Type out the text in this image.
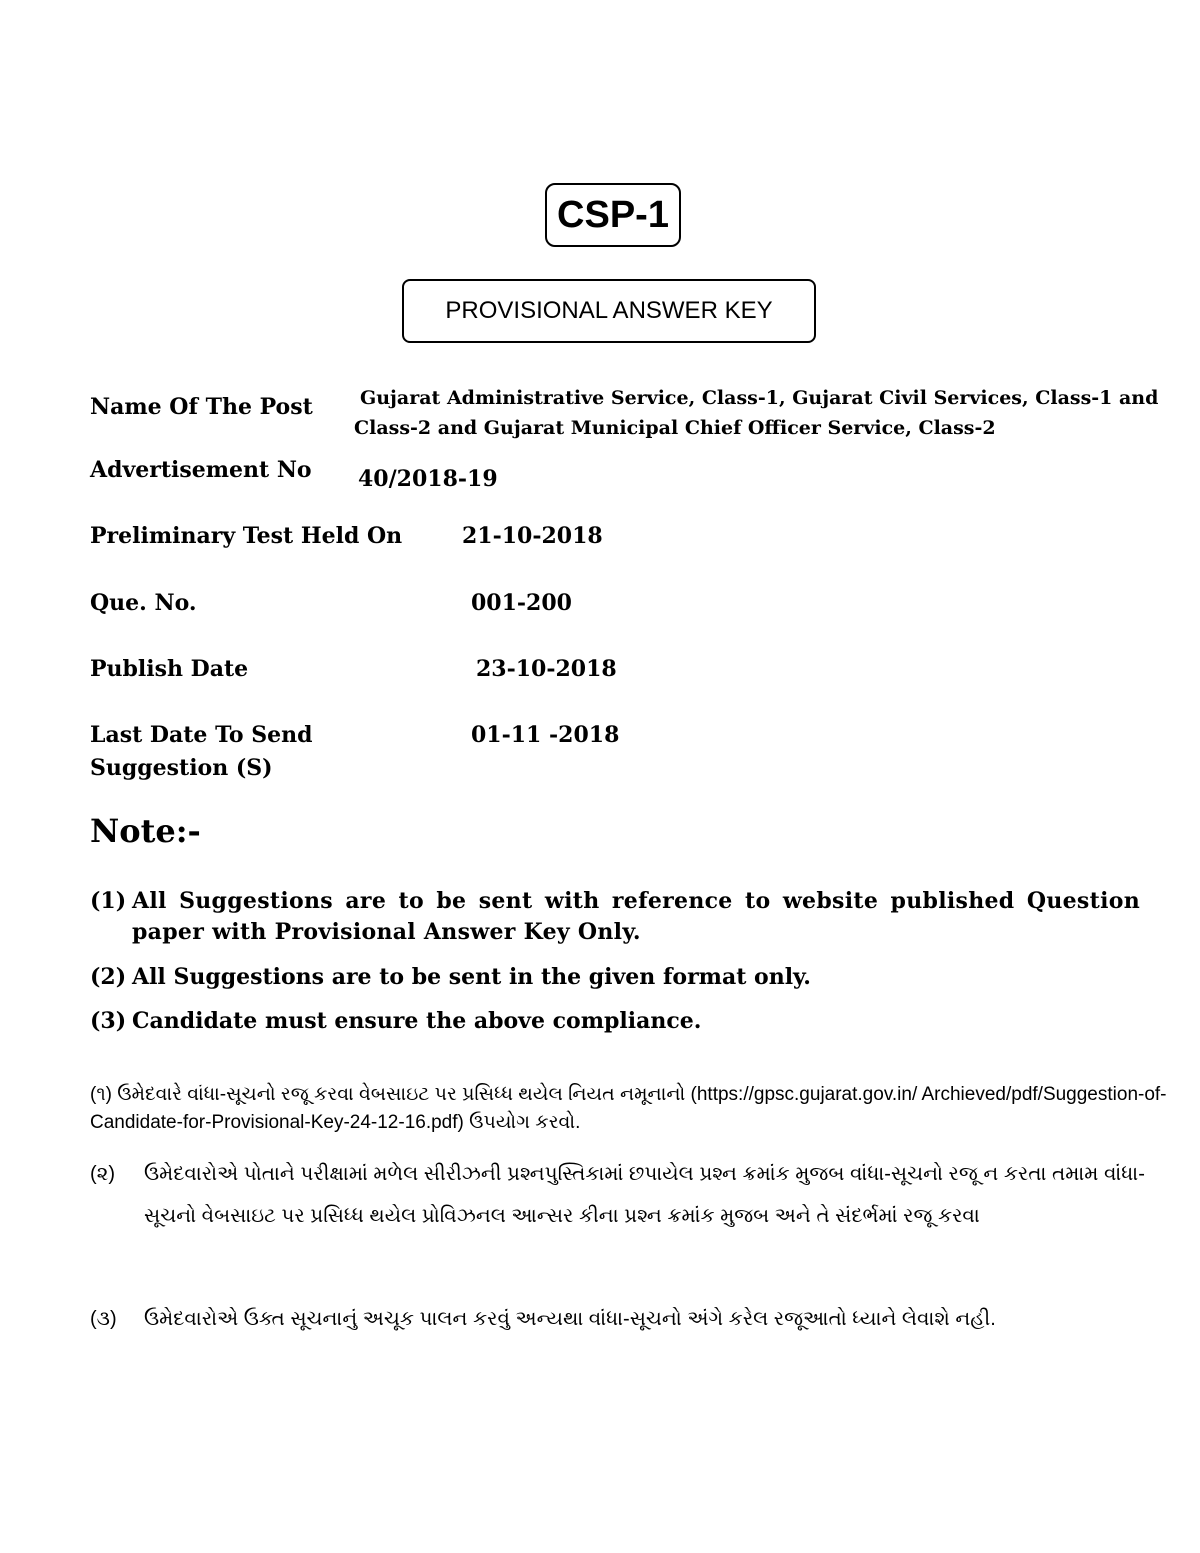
CSP-1
PROVISIONAL ANSWER KEY
Name Of The Post	Gujarat Administrative Service, Class-1, Gujarat Civil Services, Class-1 and
Class-2 and Gujarat Municipal Chief Officer Service, Class-2
Advertisement No 40/2018-19
Preliminary Test Held On	21-10-2018
Que. No.	001-200
Publish Date	23-10-2018
Last Date To Send
Suggestion (S)
01-11 -2018
Note:-
(1) All Suggestions are to be sent with reference to website published Question paper with Provisional Answer Key Only.
(2) All Suggestions are to be sent in the given format only.
(3) Candidate must ensure the above compliance.
(૧) ઉમેદવારે વાંધા-સૂચનો રજૂ કરવા વેબસાઇટ પર પ્રસિધ્ધ થયેલ નિયત નમૂનાનો (https://gpsc.gujarat.gov.in/ Archieved/pdf/Suggestion-of-Candidate-for-Provisional-Key-24-12-16.pdf) ઉપયોગ કરવો.
(૨)	ઉમેદવારોએ પોતાને પરીક્ષામાં મળેલ સીરીઝની પ્રશ્નપુસ્તિકામાં છપાયેલ પ્રશ્ન ક્રમાંક મુજબ વાંધા-સૂચનો રજૂ ન કરતા તમામ વાંધા-સૂચનો વેબસાઇટ પર પ્રસિધ્ધ થયેલ પ્રોવિઝનલ આન્સર કીના પ્રશ્ન ક્રમાંક મુજબ અને તે સંદર્ભમાં રજૂ કરવા
(૩)	ઉમેદવારોએ ઉક્ત સૂચનાનું અચૂક પાલન કરવું અન્યથા વાંધા-સૂચનો અંગે કરેલ રજૂઆતો ધ્યાને લેવાશે નહી.
